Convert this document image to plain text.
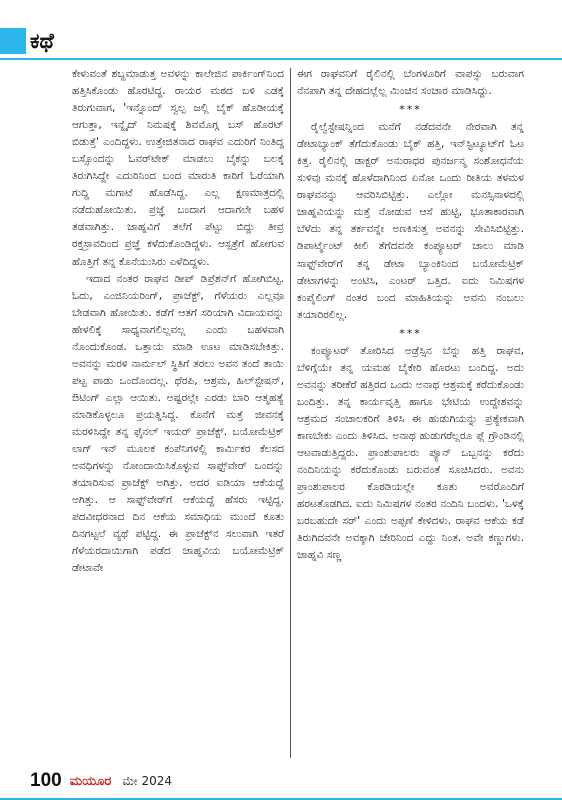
ಕಥೆ

ಕೇಳುವಂತೆ ಶಬ್ದಮಾಡುತ್ತ ಅವಳನ್ನು ಕಾಲೇಜಿನ ಪಾರ್ಕಿಂಗ್‌ನಿಂದ ಹತ್ತಿಸಿಕೊಂಡು ಹೊರಟಿದ್ದ. ರಾಯರ ಮಠದ ಬಳಿ ಎಡಕ್ಕೆ ತಿರುಗುವಾಗ, 'ಇನ್ನೊಂದ್ ಸ್ವಲ್ಪ ಜಲ್ಲಿ ಬೈಕ್ ಹೊಡೀಯಕ್ಕೆ ಆಗುತ್ತಾ, ಇನ್ನೈದ್ ನಿಮಷಕ್ಕೆ ಶಿವಮೊಗ್ಗ ಬಸ್ ಹೊರಟ್ ಬಿಡುತ್ತೆ' ಎಂದಿದ್ದಳು. ಉತ್ತೇಜಿತನಾದ ರಾಘವ ಎದುರಿಗೆ ನಿಂತಿದ್ದ ಬಸ್ಸೊಂದನ್ನು ಓವರ್‌ಟೇಕ್ ಮಾಡಲು ಬೈಕನ್ನು ಬಲಕ್ಕೆ ತಿರುಗಿಸಿದ್ದೇ ಎದುರಿನಿಂದ ಬಂದ ಮಾರುತಿ ಕಾರಿಗೆ ಓರೆಯಾಗಿ ಗುದ್ದಿ ಮಗಾಟೆ ಹೊಡೆಸಿದ್ದ. ಎಲ್ಲ ಕ್ಷಣಮಾತ್ರದಲ್ಲಿ ನಡೆದುಹೋಯಿತು. ಪ್ರಜ್ಞೆ ಬಂದಾಗ ಆದಾಗಲೇ ಬಹಳ ತಡವಾಗಿತ್ತು. ಜಾಹ್ನವಿಗೆ ತಲೆಗೆ ಪೆಟ್ಟು ಬಿದ್ದು ತೀವ್ರ ರಕ್ತಸ್ರಾವದಿಂದ ಪ್ರಜ್ಞೆ ಕಳೆದುಕೊಂಡಿದ್ದಳು. ಆಸ್ಪತ್ರೆಗೆ ಹೋಗುವ ಹೊತ್ತಿಗೆ ತನ್ನ ಕೊನೆಯುಸಿರು ಎಳೆದಿದ್ದಳು.

ಇದಾದ ನಂತರ ರಾಘವ ಡೀಪ್ ಡಿಪ್ರೆಶನ್‌ಗೆ ಹೋಗಿಬಿಟ್ಟ. ಓದು, ಎಂಜಿನಿಯರಿಂಗ್, ಪ್ರಾಜೆಕ್ಟ್, ಗೆಳೆಯರು ಎಲ್ಲವೂ ಬೇಡವಾಗಿ ಹೋಯಿತು. ಕಡೆಗೆ ಆತಗೆ ಸರಿಯಾಗಿ ವಿದಾಯವನ್ನು ಹೇಳಲಿಕ್ಕೆ ಸಾಧ್ಯವಾಗಲಿಲ್ಲವಲ್ಲ ಎಂದು ಬಹಳವಾಗಿ ನೊಂದುಕೊಂಡ. ಒತ್ತಾಯ ಮಾಡಿ ಊಟ ಮಾಡಿಸಬೇಕಿತ್ತು. ಅವನನ್ನು ಮರಳಿ ನಾರ್ಮಲ್ ಸ್ಥಿತಿಗೆ ತರಲು ಅವನ ತಂದೆ ತಾಯಿ ಪಟ್ಟ ಪಾಡು ಒಂದೊಂದಲ್ಲ. ಥೆರಪಿ, ಆಶ್ರಮ, ಹಿಲ್‌ಸ್ಟೇಷನ್, ಔಟಿಂಗ್ ಎಲ್ಲಾ ಆಯಿತು. ಅಷ್ಟರಲ್ಲೇ ಎರಡು ಬಾರಿ ಆತ್ಮಹತ್ಯೆ ಮಾಡಿಕೊಳ್ಳಲೂ ಪ್ರಯತ್ನಿಸಿದ್ದ. ಕೊನೆಗೆ ಮತ್ತೆ ಜೀವನಕ್ಕೆ ಮರಳಿಸಿದ್ದೇ ತನ್ನ ಫೈನಲ್ ಇಯರ್ ಪ್ರಾಜೆಕ್ಟ್. ಬಯೋಮೆಟ್ರಿಕ್ ಲಾಗ್ ಇನ್ ಮೂಲಕ ಕಂಪೆನಿಗಳಲ್ಲಿ ಕಾರ್ಮಿಕರ ಕೆಲಸದ ಅವಧಿಗಳನ್ನು ನೋಂದಾಯಿಸಿಕೊಳ್ಳುವ ಸಾಫ್ಟ್‌ವೇರ್ ಒಂದನ್ನು ತಯಾರಿಸುವ ಪ್ರಾಜೆಕ್ಟ್ ಅಗಿತ್ತು. ಅದರ ಐಡಿಯಾ ಆಕೆಯದ್ದೆ ಅಗಿತ್ತು. ಆ ಸಾಫ್ಟ್‌ವೇರ್‌ಗೆ ಆಕೆಯದ್ದೆ ಹೆಸರು ಇಟ್ಟಿದ್ದ. ಪದವೀಧರನಾದ ದಿನ ಆಕೆಯ ಸಮಾಧಿಯ ಮುಂದೆ ಕೂತು ದಿನಗಟ್ಟಲೆ ವ್ಯಥೆ ಪಟ್ಟಿದ್ದ. ಈ ಪ್ರಾಜೆಕ್ಟ್‌ನ ಸಲುವಾಗಿ ಇತರೆ ಗೆಳೆಯರದಾಯಿಗಾಗಿ ಪಡೆದ ಜಾಹ್ನವಿಯ ಬಯೋಮೆಟ್ರಿಕ್ ಡೇಟಾವೇ

ಈಗ ರಾಘವನಿಗೆ ರೈಲಿನಲ್ಲಿ ಬೆಂಗಳೂರಿಗೆ ವಾಪಸ್ಸು ಬರುವಾಗ ನೆನಪಾಗಿ ತನ್ನ ದೇಹದಲ್ಲೆಲ್ಲ ಮಿಂಚಿನ ಸಂಚಾರ ಮಾಡಿಸಿದ್ದು.

***

ರೈಲ್ವೆಸ್ಟೇಷನ್ನಿಂದ ಮನೆಗೆ ನಡೆದವನೇ ನೇರವಾಗಿ ತನ್ನ ಡೇಟಾಬ್ಯಾಂಕ್ ತೆಗೆದುಕೊಂಡು ಬೈಕ್ ಹತ್ತಿ, ಇನ್‌ಸ್ಟಿಟ್ಯೂಟ್‌ಗೆ ಓಟ ಕಿತ್ತ. ರೈಲಿನಲ್ಲಿ ಡಾಕ್ಟರ್ ಅನುರಾಧರ ಪುನರ್ಜನ್ಮ ಸಂಶೋಧನೆಯ ಸುಳಿವು ಮನಕ್ಕೆ ಹೊಳೆದಾಗಿನಿಂದ ಏನೋ ಒಂದು ರೀತಿಯ ತಳಮಳ ರಾಘವನನ್ನು ಆವರಿಸಿಬಿಟ್ಟಿತ್ತು. ಎಲ್ಲೋ ಮನಸ್ಸಿನಾಳದಲ್ಲಿ ಜಾಹ್ನವಿಯನ್ನು ಮತ್ತೆ ನೋಡುವ ಆಸೆ ಹುಟ್ಟಿ, ಭೂತಾಕಾರವಾಗಿ ಬೆಳೆದು ತನ್ನ ತರ್ಕವನ್ನೇ ಅಣಕಿಸುತ್ತ ಅವನನ್ನು ಸೇವಿಸಿಬಿಟ್ಟಿತ್ತು. ಡಿಪಾರ್ಟ್ಮೆಂಟ್ ಕೀಲಿ ತೆಗೆದವನೇ ಕಂಪ್ಯೂಟರ್ ಚಾಲು ಮಾಡಿ ಸಾಫ್ಟ್‌ವೇರ್‌ಗೆ ತನ್ನ ಡೇಟಾ ಬ್ಯಾಂಕಿನಿಂದ ಬಯೋಮೆಟ್ರಿಕ್ ಡೇಟಾಗಳನ್ನು ಅಂಟಿಸಿ, ಎಂಟರ್ ಒತ್ತಿದ. ಐದು ನಿಮಿಷಗಳ ಕಂಪೈಲಿಂಗ್ ನಂತರ ಬಂದ ಮಾಹಿತಿಯನ್ನು ಅವನು ನಂಬಲು ತಯಾರಿರಲಿಲ್ಲ.

***

ಕಂಪ್ಯೂಟರ್ ತೋರಿಸಿದ ಅಡ್ರೆಸ್ಸಿನ ಬೆನ್ನು ಹತ್ತಿ ರಾಘವ, ಬೆಳಿಗ್ಗೆಯೇ ತನ್ನ ಯಮಹ ಬೈಕೇರಿ ಹೊರಟು ಬಂದಿದ್ದ. ಅದು ಅವನನ್ನು ತರೀಕೆರೆ ಹತ್ತಿರದ ಒಂದು ಅನಾಥ ಆಶ್ರಮಕ್ಕೆ ಕರೆದುಕೊಂಡು ಬಂದಿತ್ತು. ತನ್ನ ಕಾರ್ಯವೃತ್ತಿ ಹಾಗೂ ಭೇಟಿಯ ಉದ್ದೇಶವನ್ನು ಆಶ್ರಮದ ಸಂಚಾಲಕರಿಗೆ ತಿಳಿಸಿ ಈ ಹುಡುಗಿಯನ್ನು ಪ್ರತ್ಯೇಕವಾಗಿ ಕಾಣಬೇಕು ಎಂದು ತಿಳಿಸಿದ. ಅನಾಥ ಹುಡುಗರೆಲ್ಲರೂ ಪ್ಲೆ ಗ್ರೌಂಡಿನಲ್ಲಿ ಆಟವಾಡುತ್ತಿದ್ದರು. ಪ್ರಾಂಶುಪಾಲರು ಪ್ಯೂನ್ ಒಬ್ಬನನ್ನು ಕರೆದು ನಂದಿನಿಯನ್ನು ಕರೆದುಕೊಂಡು ಬರುವಂತೆ ಸೂಚಿಸಿದರು. ಅವನು ಪ್ರಾಂಶುಪಾಲರ ಕೊಠಡಿಯಲ್ಲೇ ಕೂತು ಅವರೊಂದಿಗೆ ಹರಟತೊಡಗಿದ. ಐದು ನಿಮಿಷಗಳ ನಂತರ ನಂದಿನಿ ಬಂದಳು. 'ಒಳಕ್ಕೆ ಬರಬಹುದೇ ಸರ್' ಎಂದು ಅಪ್ಪಣೆ ಕೇಳಿದಳು. ರಾಘವ ಆಕೆಯ ಕಡೆ ತಿರುಗಿದವನೇ ಅವಕ್ಕಾಗಿ ಚೇರಿನಿಂದ ಎದ್ದು ನಿಂತ. ಅವೇ ಕಣ್ಣುಗಳು. ಜಾಹ್ನವಿ ಸಣ್ಣ

100 ಮಯೂರ ಮೇ 2024
